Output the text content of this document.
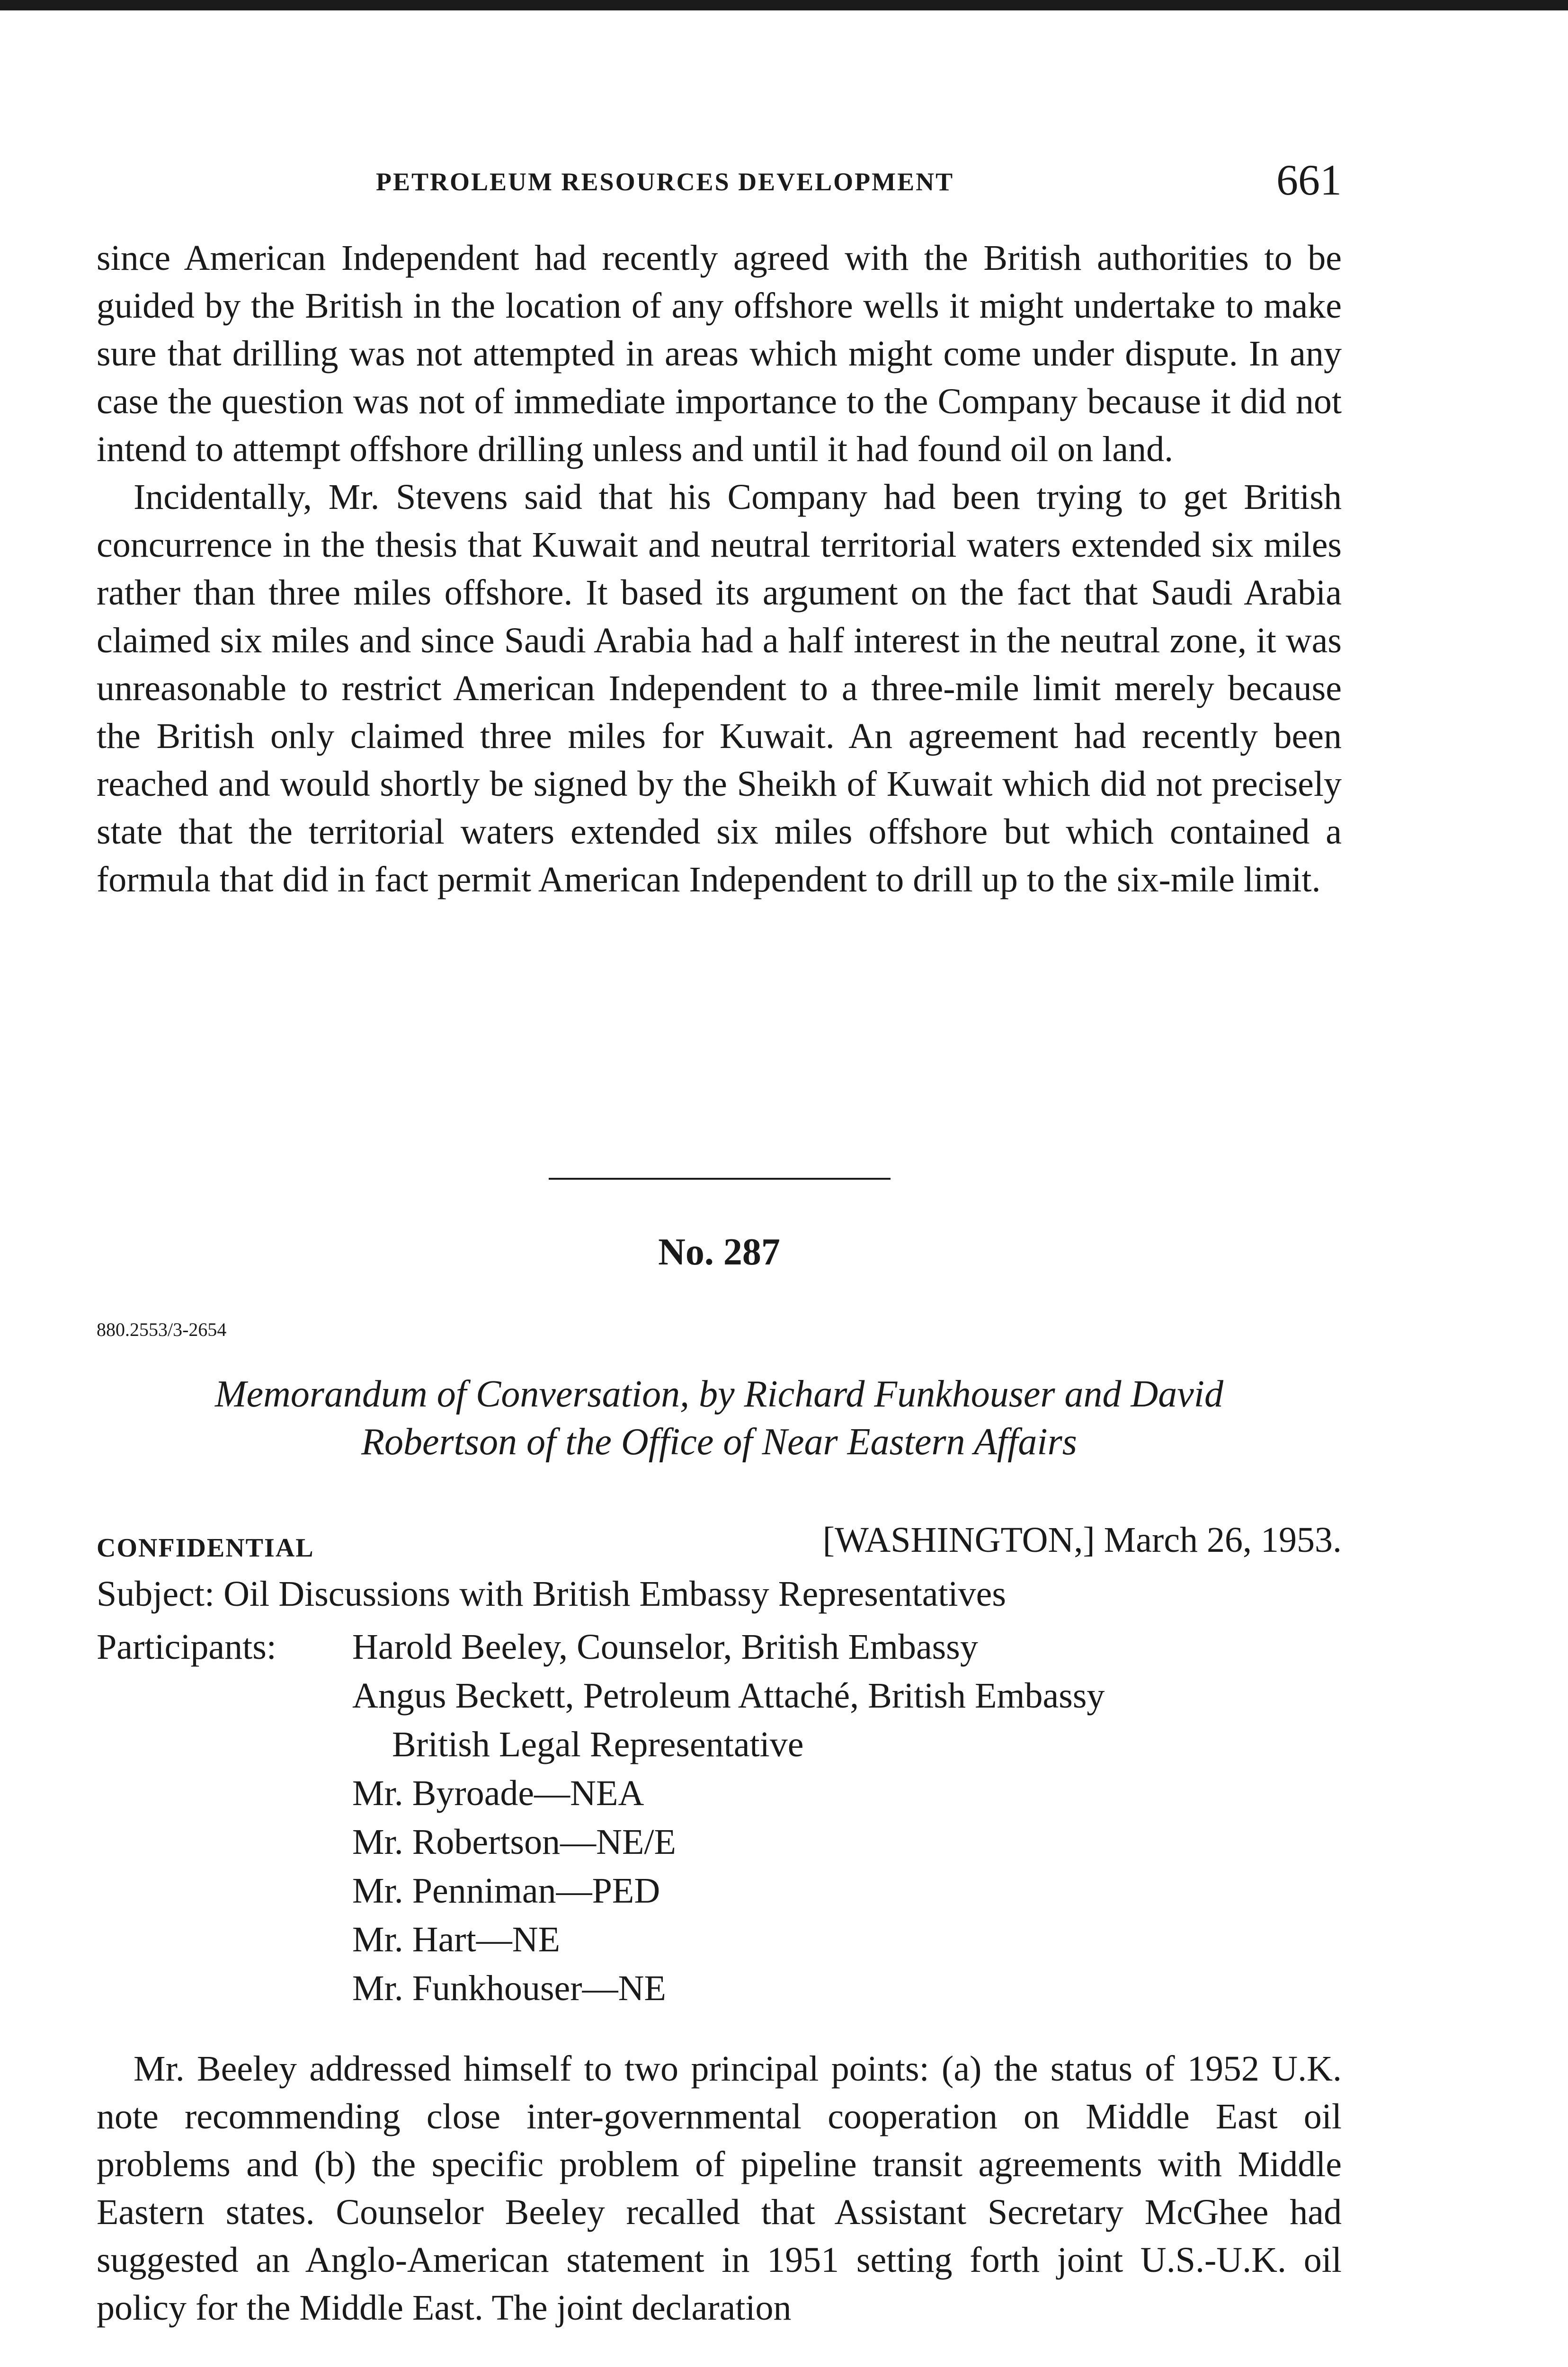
PETROLEUM RESOURCES DEVELOPMENT	661

since American Independent had recently agreed with the British authorities to be guided by the British in the location of any offshore wells it might undertake to make sure that drilling was not attempted in areas which might come under dispute. In any case the question was not of immediate importance to the Company because it did not intend to attempt offshore drilling unless and until it had found oil on land.

Incidentally, Mr. Stevens said that his Company had been trying to get British concurrence in the thesis that Kuwait and neutral territorial waters extended six miles rather than three miles offshore. It based its argument on the fact that Saudi Arabia claimed six miles and since Saudi Arabia had a half interest in the neutral zone, it was unreasonable to restrict American Independent to a three-mile limit merely because the British only claimed three miles for Kuwait. An agreement had recently been reached and would shortly be signed by the Sheikh of Kuwait which did not precisely state that the territorial waters extended six miles offshore but which contained a formula that did in fact permit American Independent to drill up to the six-mile limit.

No. 287
880.2553/3-2654
Memorandum of Conversation, by Richard Funkhouser and David
Robertson of the Office of Near Eastern Affairs
CONFIDENTIAL	[WASHINGTON,] March 26, 1953.
Subject: Oil Discussions with British Embassy Representatives
Participants: Harold Beeley, Counselor, British Embassy
Angus Beckett, Petroleum Attaché, British Embassy
British Legal Representative
Mr. Byroade—NEA
Mr. Robertson—NE/E
Mr. Penniman—PED
Mr. Hart—NE
Mr. Funkhouser—NE

Mr. Beeley addressed himself to two principal points: (a) the status of 1952 U.K. note recommending close inter-governmental cooperation on Middle East oil problems and (b) the specific problem of pipeline transit agreements with Middle Eastern states. Counselor Beeley recalled that Assistant Secretary McGhee had suggested an Anglo-American statement in 1951 setting forth joint U.S.-U.K. oil policy for the Middle East. The joint declaration
